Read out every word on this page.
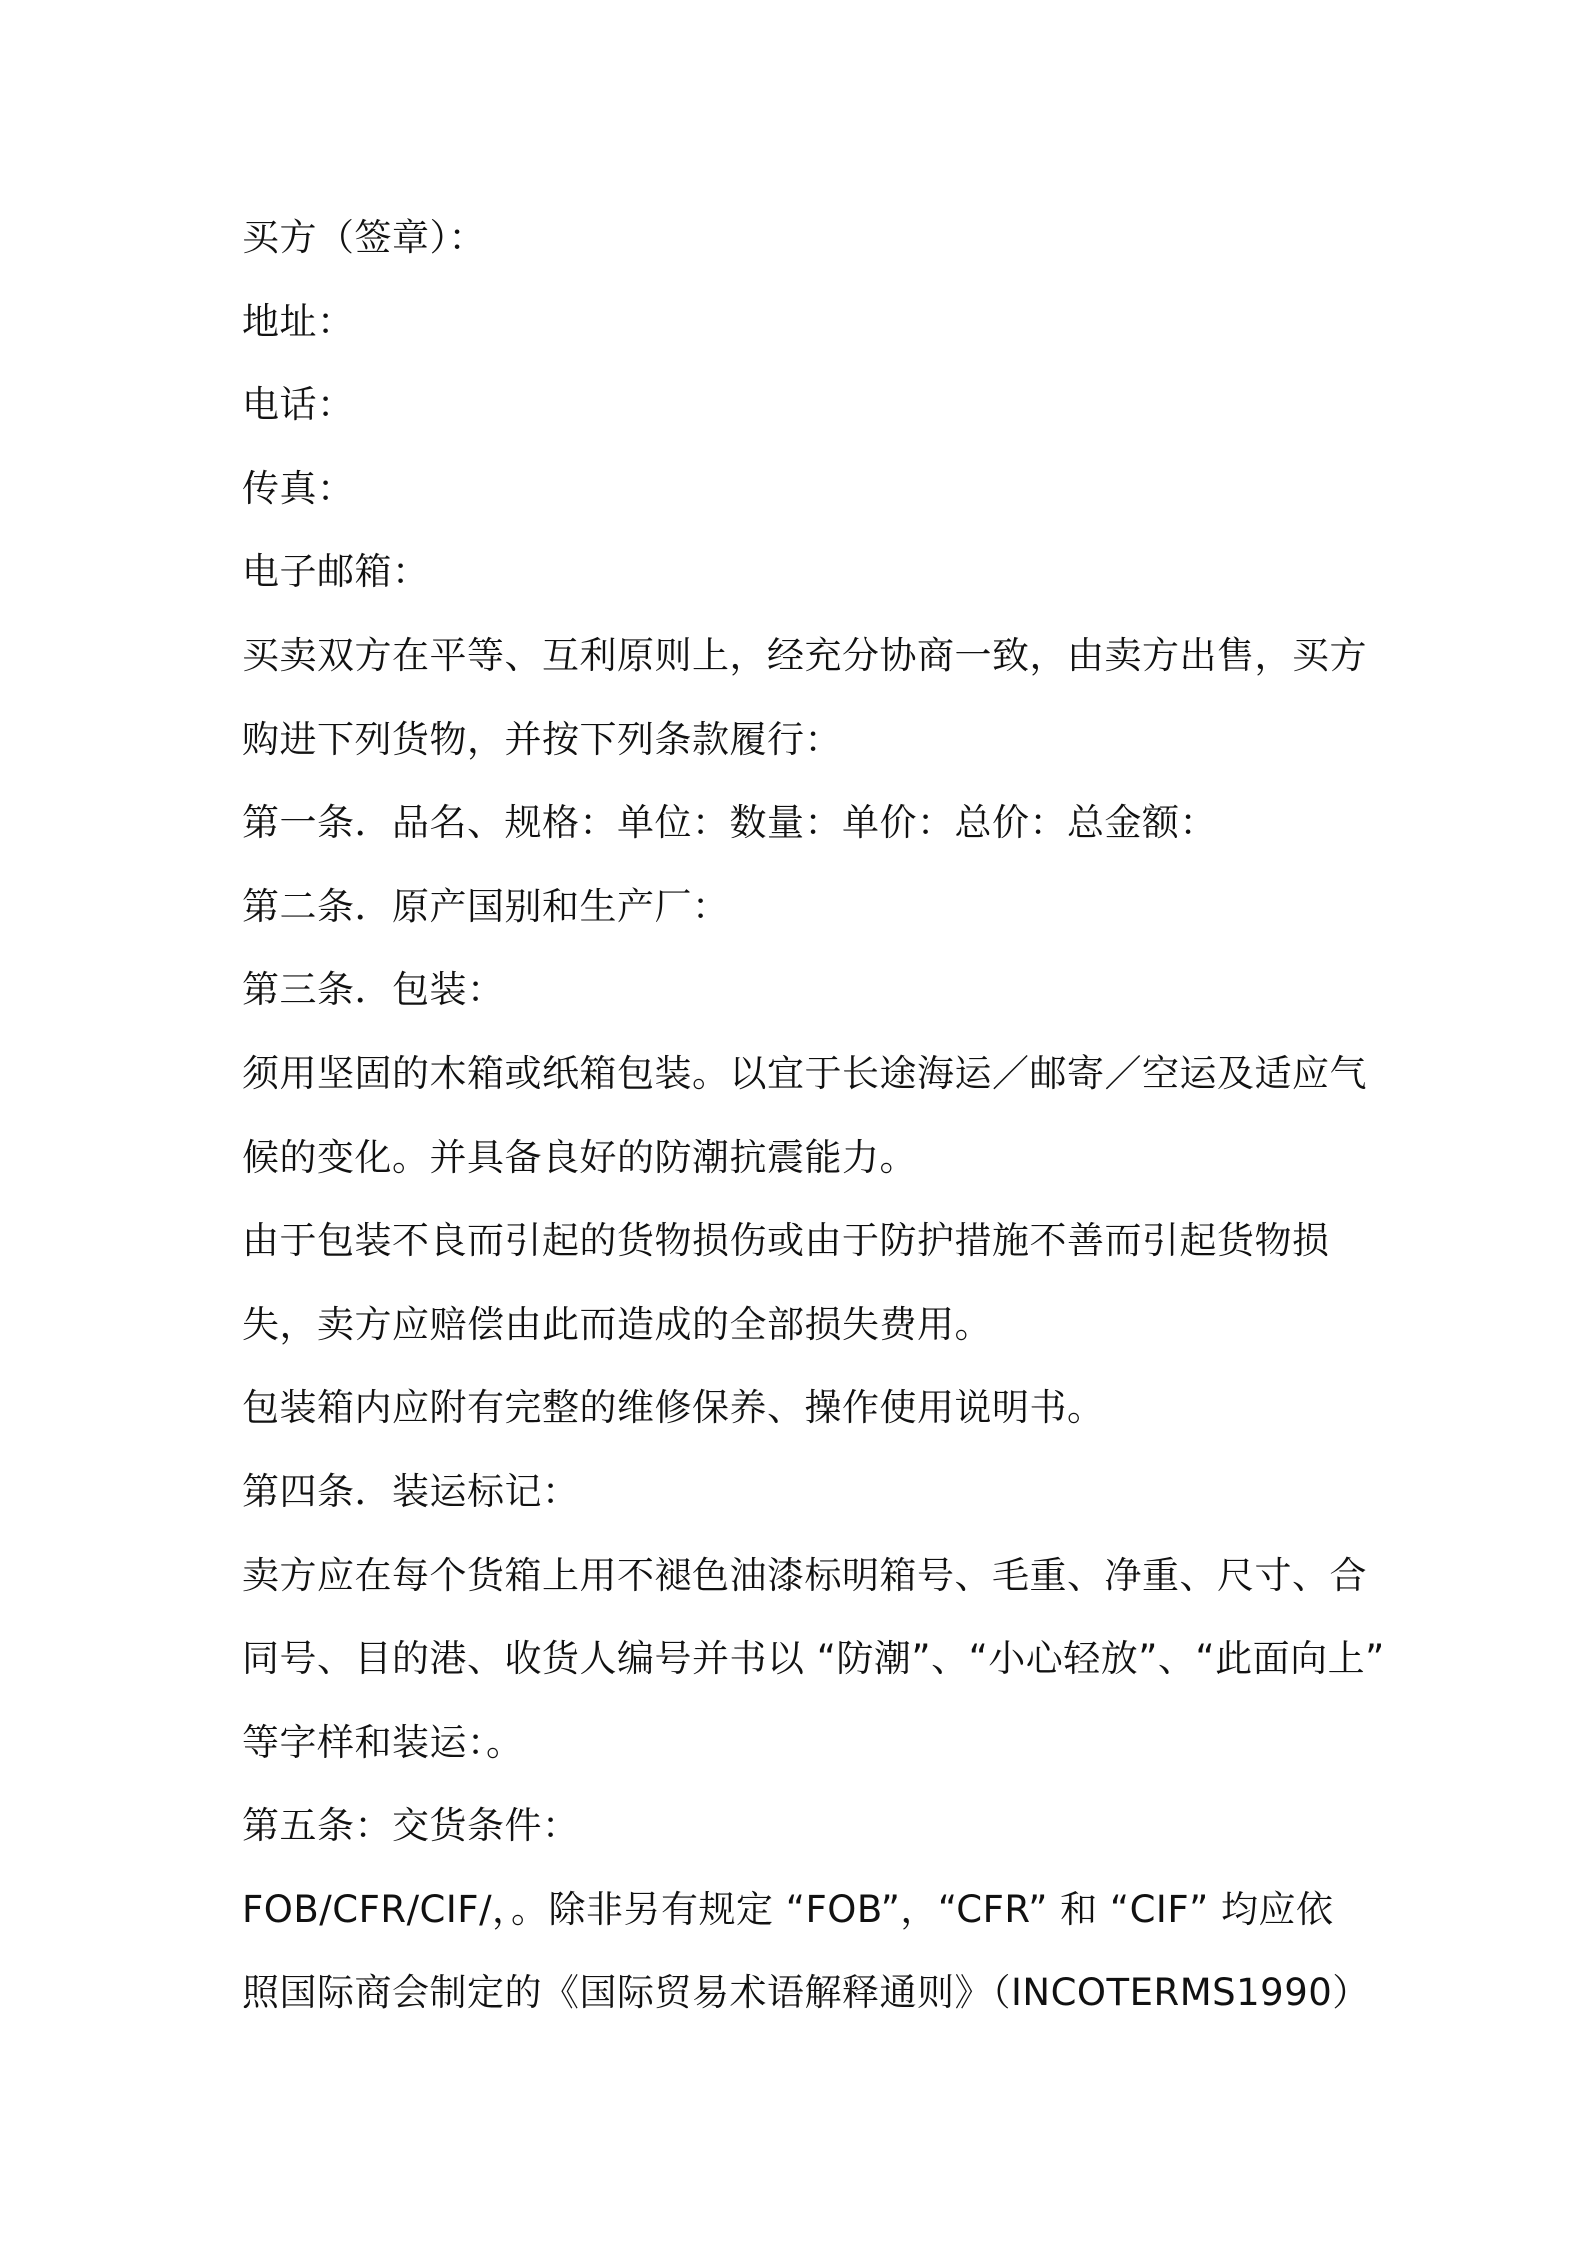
买方（签章）：
地址：
电话：
传真：
电子邮箱：
买卖双方在平等、互利原则上，经充分协商一致，由卖方出售，买方
购进下列货物，并按下列条款履行：
第一条．品名、规格：单位：数量：单价：总价：总金额：
第二条．原产国别和生产厂：
第三条．包装：
须用坚固的木箱或纸箱包装。以宜于长途海运／邮寄／空运及适应气
候的变化。并具备良好的防潮抗震能力。
由于包装不良而引起的货物损伤或由于防护措施不善而引起货物损
失，卖方应赔偿由此而造成的全部损失费用。
包装箱内应附有完整的维修保养、操作使用说明书。
第四条．装运标记：
卖方应在每个货箱上用不褪色油漆标明箱号、毛重、净重、尺寸、合
同号、目的港、收货人编号并书以 “防潮”、“小心轻放”、“此面向上”
等字样和装运：。
第五条：交货条件：
FOB/CFR/CIF/，。除非另有规定 “FOB”，“CFR” 和 “CIF” 均应依
照国际商会制定的《国际贸易术语解释通则》（INCOTERMS1990）
